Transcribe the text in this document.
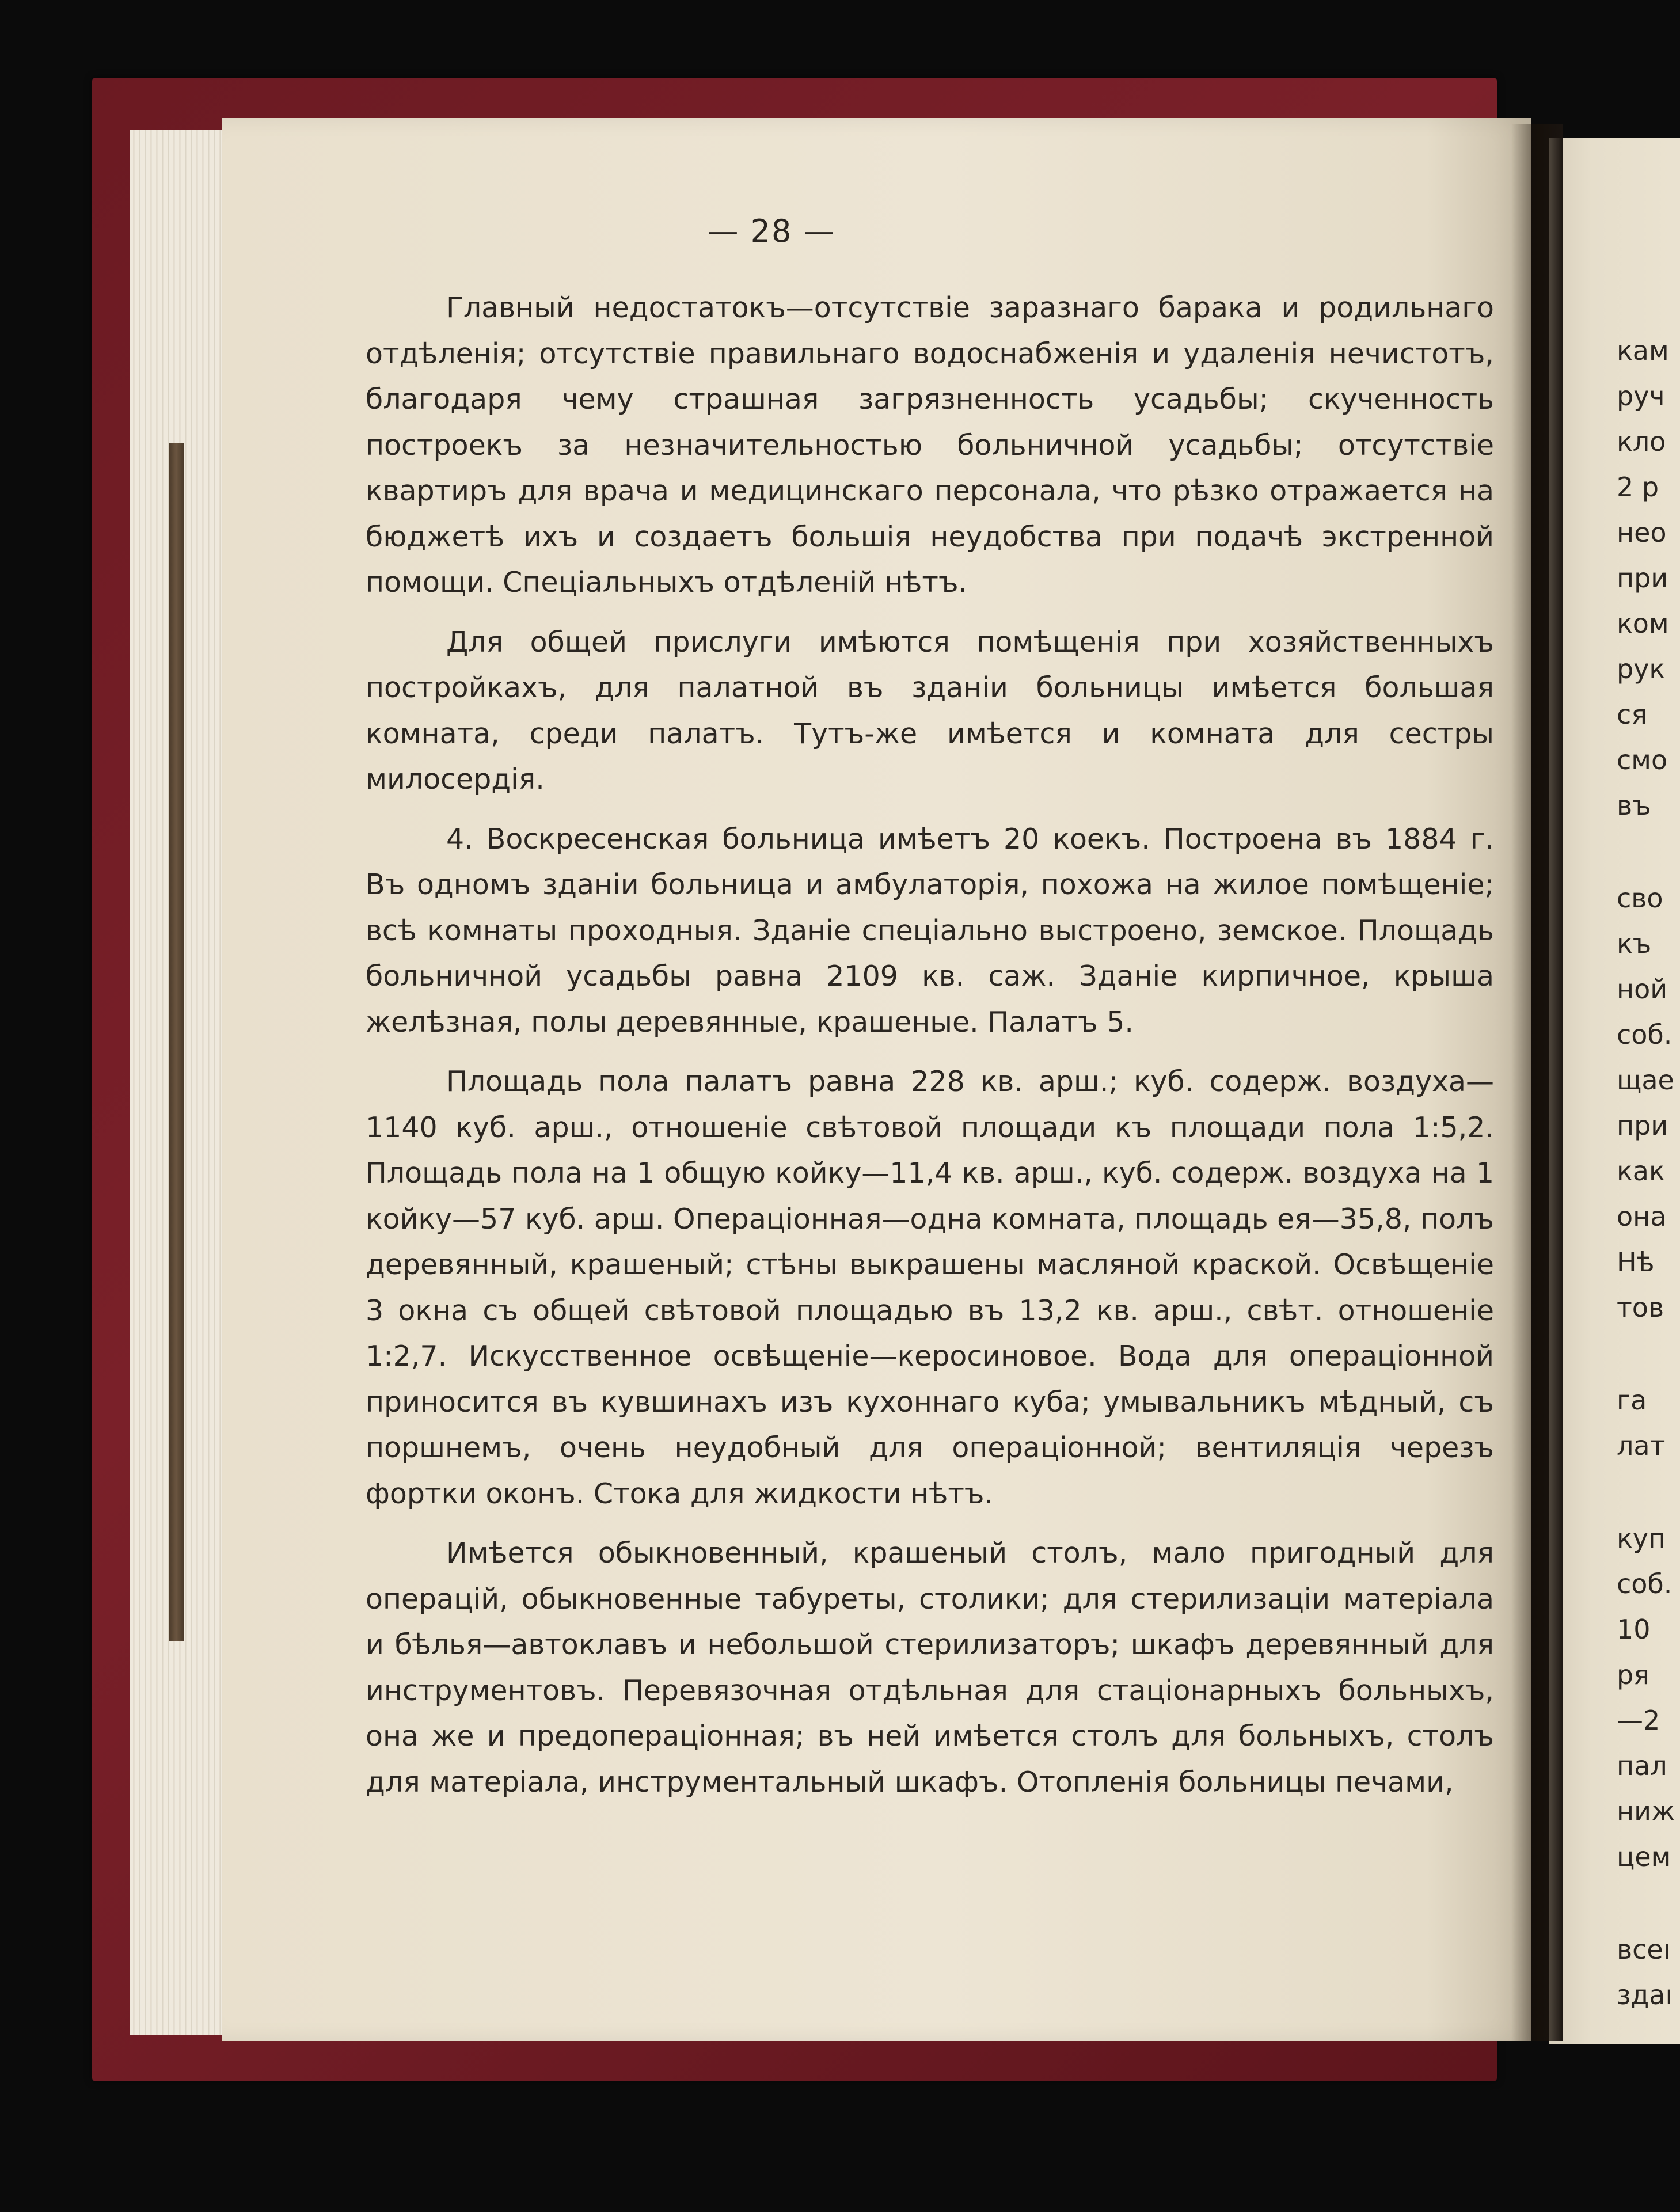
— 28 —

Главный недостатокъ—отсутствіе заразнаго барака и родильнаго отдѣленія; отсутствіе правильнаго водоснабженія и удаленія нечистотъ, благодаря чему страшная загрязненность усадьбы; скученность построекъ за незначительностью больничной усадьбы; отсутствіе квартиръ для врача и медицинскаго персонала, что рѣзко отражается на бюджетѣ ихъ и создаетъ большія неудобства при подачѣ экстренной помощи. Спеціальныхъ отдѣленій нѣтъ.

Для общей прислуги имѣются помѣщенія при хозяйственныхъ постройкахъ, для палатной въ зданіи больницы имѣется большая комната, среди палатъ. Тутъ-же имѣется и комната для сестры милосердія.

4. Воскресенская больница имѣетъ 20 коекъ. Построена въ 1884 г. Въ одномъ зданіи больница и амбулаторія, похожа на жилое помѣщеніе; всѣ комнаты проходныя. Зданіе спеціально выстроено, земское. Площадь больничной усадьбы равна 2109 кв. саж. Зданіе кирпичное, крыша желѣзная, полы деревянные, крашеные. Палатъ 5.

Площадь пола палатъ равна 228 кв. арш.; куб. содерж. воздуха—1140 куб. арш., отношеніе свѣтовой площади къ площади пола 1:5,2. Площадь пола на 1 общую койку—11,4 кв. арш., куб. содерж. воздуха на 1 койку—57 куб. арш. Операціонная—одна комната, площадь ея—35,8, полъ деревянный, крашеный; стѣны выкрашены масляной краской. Освѣщеніе 3 окна съ общей свѣтовой площадью въ 13,2 кв. арш., свѣт. отношеніе 1:2,7. Искусственное освѣщеніе—керосиновое. Вода для операціонной приносится въ кувшинахъ изъ кухоннаго куба; умывальникъ мѣдный, съ поршнемъ, очень неудобный для операціонной; вентиляція черезъ фортки оконъ. Стока для жидкости нѣтъ.

Имѣется обыкновенный, крашеный столъ, мало пригодный для операцій, обыкновенные табуреты, столики; для стерилизаціи матеріала и бѣлья—автоклавъ и небольшой стерилизаторъ; шкафъ деревянный для инструментовъ. Перевязочная отдѣльная для стаціонарныхъ больныхъ, она же и предопераціонная; въ ней имѣется столъ для больныхъ, столъ для матеріала, инструментальный шкафъ. Отопленія больницы печами,

кам
руч
кло
2 р
нео
при
ком
рук
ся
смо
въ
сво
къ
ной
соб.
щае
при
как
она
Нѣ
тов
га
лат
куп
соб.
10
ря
—2
пал
ниж
цем
всеı
здаı
